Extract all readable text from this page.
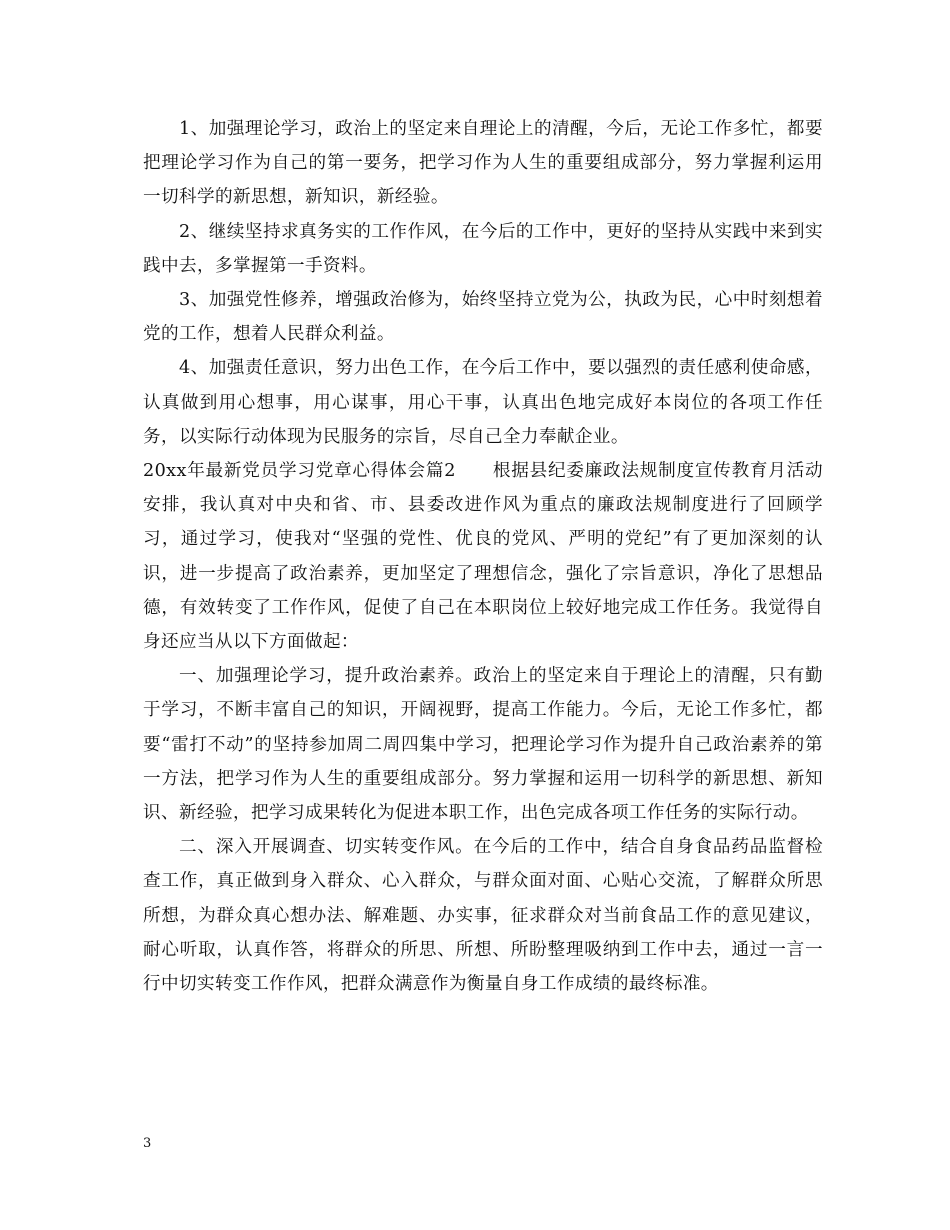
1、加强理论学习，政治上的坚定来自理论上的清醒，今后，无论工作多忙，都要把理论学习作为自己的第一要务，把学习作为人生的重要组成部分，努力掌握利运用一切科学的新思想，新知识，新经验。

2、继续坚持求真务实的工作作风，在今后的工作中，更好的坚持从实践中来到实践中去，多掌握第一手资料。

3、加强党性修养，增强政治修为，始终坚持立党为公，执政为民，心中时刻想着党的工作，想着人民群众利益。

4、加强责任意识，努力出色工作，在今后工作中，要以强烈的责任感利使命感，认真做到用心想事，用心谋事，用心干事，认真出色地完成好本岗位的各项工作任务，以实际行动体现为民服务的宗旨，尽自己全力奉献企业。

20xx年最新党员学习党章心得体会篇2　　根据县纪委廉政法规制度宣传教育月活动安排，我认真对中央和省、市、县委改进作风为重点的廉政法规制度进行了回顾学习，通过学习，使我对“坚强的党性、优良的党风、严明的党纪”有了更加深刻的认识，进一步提高了政治素养，更加坚定了理想信念，强化了宗旨意识，净化了思想品德，有效转变了工作作风，促使了自己在本职岗位上较好地完成工作任务。我觉得自身还应当从以下方面做起：

一、加强理论学习，提升政治素养。政治上的坚定来自于理论上的清醒，只有勤于学习，不断丰富自己的知识，开阔视野，提高工作能力。今后，无论工作多忙，都要“雷打不动”的坚持参加周二周四集中学习，把理论学习作为提升自己政治素养的第一方法，把学习作为人生的重要组成部分。努力掌握和运用一切科学的新思想、新知识、新经验，把学习成果转化为促进本职工作，出色完成各项工作任务的实际行动。

二、深入开展调查、切实转变作风。在今后的工作中，结合自身食品药品监督检查工作，真正做到身入群众、心入群众，与群众面对面、心贴心交流，了解群众所思所想，为群众真心想办法、解难题、办实事，征求群众对当前食品工作的意见建议，耐心听取，认真作答，将群众的所思、所想、所盼整理吸纳到工作中去，通过一言一行中切实转变工作作风，把群众满意作为衡量自身工作成绩的最终标准。

3
